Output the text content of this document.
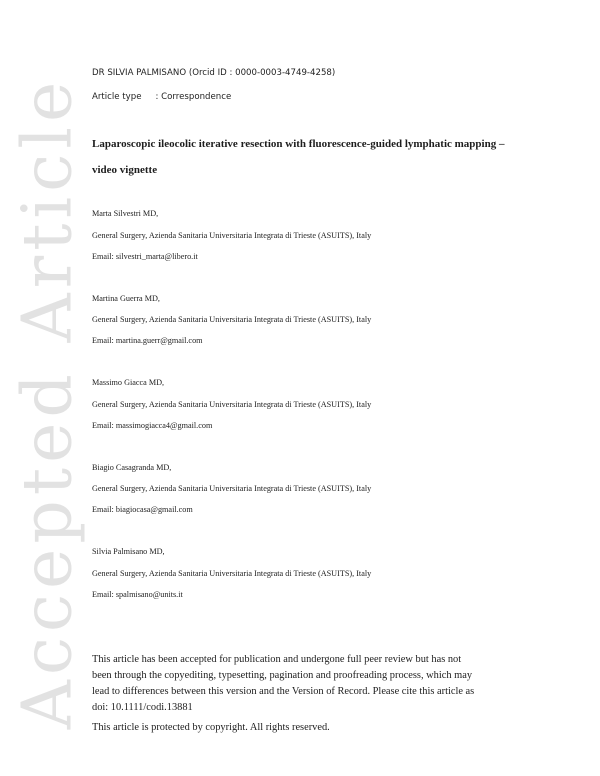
Accepted Article
DR SILVIA PALMISANO (Orcid ID : 0000-0003-4749-4258)
Article type : Correspondence
Laparoscopic ileocolic iterative resection with fluorescence-guided lymphatic mapping –
video vignette
Marta Silvestri MD,
General Surgery, Azienda Sanitaria Universitaria Integrata di Trieste (ASUITS), Italy
Email: silvestri_marta@libero.it
Martina Guerra MD,
General Surgery, Azienda Sanitaria Universitaria Integrata di Trieste (ASUITS), Italy
Email: martina.guerr@gmail.com
Massimo Giacca MD,
General Surgery, Azienda Sanitaria Universitaria Integrata di Trieste (ASUITS), Italy
Email: massimogiacca4@gmail.com
Biagio Casagranda MD,
General Surgery, Azienda Sanitaria Universitaria Integrata di Trieste (ASUITS), Italy
Email: biagiocasa@gmail.com
Silvia Palmisano MD,
General Surgery, Azienda Sanitaria Universitaria Integrata di Trieste (ASUITS), Italy
Email: spalmisano@units.it
This article has been accepted for publication and undergone full peer review but has not
been through the copyediting, typesetting, pagination and proofreading process, which may
lead to differences between this version and the Version of Record. Please cite this article as
doi: 10.1111/codi.13881
This article is protected by copyright. All rights reserved.
